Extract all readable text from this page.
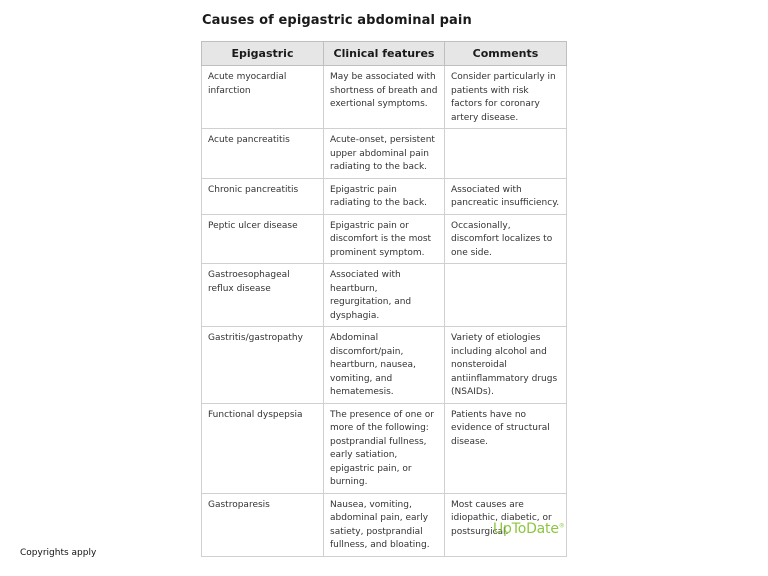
Causes of epigastric abdominal pain
Epigastric	Clinical features	Comments
Acute myocardial infarction	May be associated with shortness of breath and exertional symptoms.	Consider particularly in patients with risk factors for coronary artery disease.
Acute pancreatitis	Acute-onset, persistent upper abdominal pain radiating to the back.	
Chronic pancreatitis	Epigastric pain radiating to the back.	Associated with pancreatic insufficiency.
Peptic ulcer disease	Epigastric pain or discomfort is the most prominent symptom.	Occasionally, discomfort localizes to one side.
Gastroesophageal reflux disease	Associated with heartburn, regurgitation, and dysphagia.	
Gastritis/gastropathy	Abdominal discomfort/pain, heartburn, nausea, vomiting, and hematemesis.	Variety of etiologies including alcohol and nonsteroidal antiinflammatory drugs (NSAIDs).
Functional dyspepsia	The presence of one or more of the following: postprandial fullness, early satiation, epigastric pain, or burning.	Patients have no evidence of structural disease.
Gastroparesis	Nausea, vomiting, abdominal pain, early satiety, postprandial fullness, and bloating.	Most causes are idiopathic, diabetic, or postsurgical.
UpToDate®
Copyrights apply
